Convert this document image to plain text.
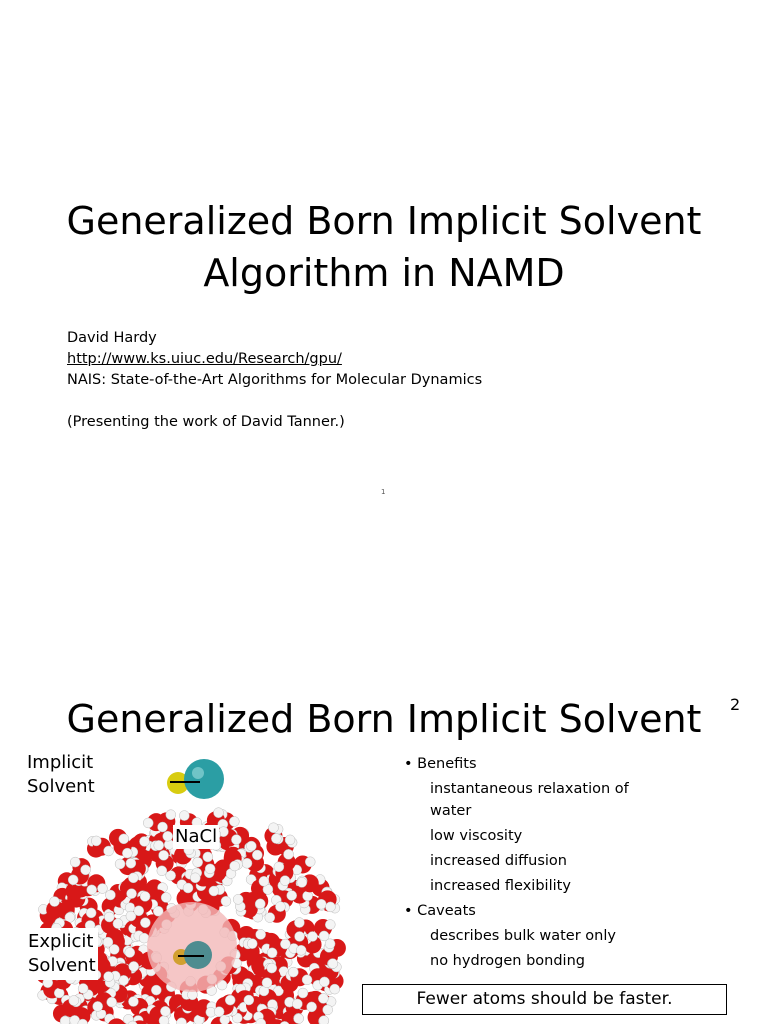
Generalized Born Implicit Solvent
Algorithm in NAMD
David Hardy
http://www.ks.uiuc.edu/Research/gpu/
NAIS: State-of-the-Art Algorithms for Molecular Dynamics
(Presenting the work of David Tanner.)
1
Generalized Born Implicit Solvent	2
Implicit
Solvent
NaCl
Explicit
Solvent
• Benefits
instantaneous relaxation of
water
low viscosity
increased diffusion
increased flexibility
• Caveats
describes bulk water only
no hydrogen bonding
Fewer atoms should be faster.
